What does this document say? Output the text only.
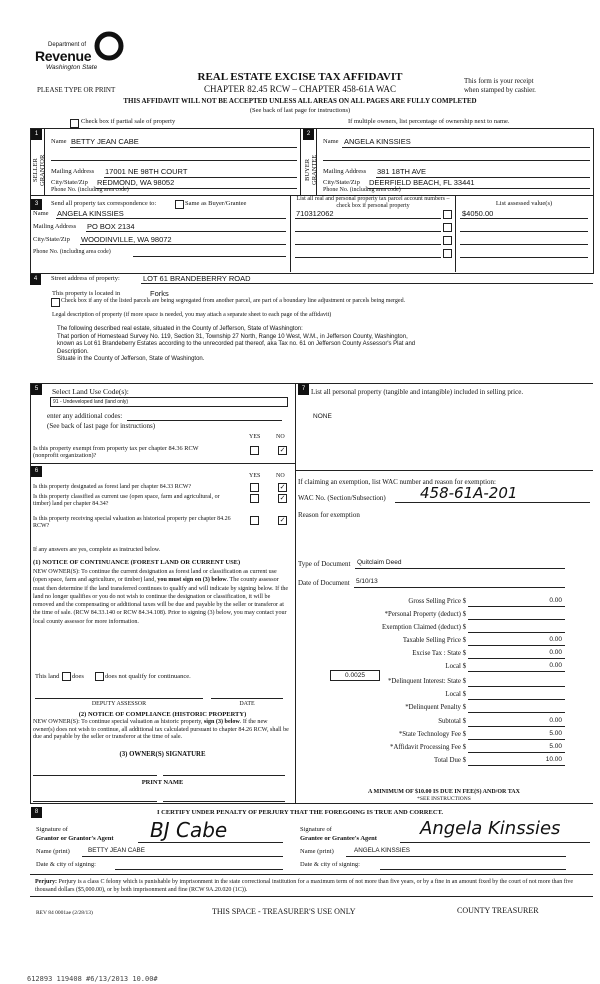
Department of
Revenue
Washington State
REAL ESTATE EXCISE TAX AFFIDAVIT
CHAPTER 82.45 RCW – CHAPTER 458-61A WAC
PLEASE TYPE OR PRINT
This form is your receipt
when stamped by cashier.
THIS AFFIDAVIT WILL NOT BE ACCEPTED UNLESS ALL AREAS ON ALL PAGES ARE FULLY COMPLETED
(See back of last page for instructions)
Check box if partial sale of property	If multiple owners, list percentage of ownership next to name.
1	2
SELLER GRANTOR	BUYER GRANTEE
Name BETTY JEAN CABE
Mailing Address 17001 NE 98TH COURT
City/State/Zip REDMOND, WA 98052
Phone No. (including area code)
Name ANGELA KINSSIES
Mailing Address 381 18TH AVE
City/State/Zip DEERFIELD BEACH, FL 33441
Phone No. (including area code)
3	Send all property tax correspondence to:	Same as Buyer/Grantee
List all real and personal property tax parcel account numbers – check box if personal property	List assessed value(s)
Name ANGELA KINSSIES
Mailing Address PO BOX 2134
City/State/Zip WOODINVILLE, WA 98072
Phone No. (including area code)
710312062	$4050.00
4	Street address of property:	LOT 61 BRANDEBERRY ROAD
This property is located in	Forks
Check box if any of the listed parcels are being segregated from another parcel, are part of a boundary line adjustment or parcels being merged.
Legal description of property (if more space is needed, you may attach a separate sheet to each page of the affidavit)
The following described real estate, situated in the County of Jefferson, State of Washington:
That portion of Homestead Survey No. 119, Section 31, Township 27 North, Range 10 West, W.M., in Jefferson County, Washington,
known as Lot 61 Brandeberry Estates according to the unrecorded pat thereof, aka Tax no. 61 on Jefferson County Assessor's Plat and
Description.
Situate in the County of Jefferson, State of Washington.
5	Select Land Use Code(s):
91 - Undeveloped land (land only)
enter any additional codes:
(See back of last page for instructions)
YES	NO
Is this property exempt from property tax per chapter 84.36 RCW (nonprofit organization)?
✓
7 List all personal property (tangible and intangible) included in selling price.
NONE
6
YES	NO
Is this property designated as forest land per chapter 84.33 RCW?	✓
Is this property classified as current use (open space, farm and agricultural, or timber) land per chapter 84.34?
✓
Is this property receiving special valuation as historical property per chapter 84.26 RCW?
✓
If any answers are yes, complete as instructed below.
(1) NOTICE OF CONTINUANCE (FOREST LAND OR CURRENT USE)
NEW OWNER(S): To continue the current designation as forest land or classification as current use (open space, farm and agriculture, or timber) land, you must sign on (3) below. The county assessor must then determine if the land transferred continues to qualify and will indicate by signing below. If the land no longer qualifies or you do not wish to continue the designation or classification, it will be removed and the compensating or additional taxes will be due and payable by the seller or transferor at the time of sale. (RCW 84.33.140 or RCW 84.34.108). Prior to signing (3) below, you may contact your local county assessor for more information.
This land does	does not qualify for continuance.
DEPUTY ASSESSOR	DATE
(2) NOTICE OF COMPLIANCE (HISTORIC PROPERTY)
NEW OWNER(S): To continue special valuation as historic property, sign (3) below. If the new owner(s) does not wish to continue, all additional tax calculated pursuant to chapter 84.26 RCW, shall be due and payable by the seller or transferor at the time of sale.
(3) OWNER(S) SIGNATURE
PRINT NAME
If claiming an exemption, list WAC number and reason for exemption:
WAC No. (Section/Subsection) 458-61A-201
Reason for exemption
Type of Document Quitclaim Deed
Date of Document 5/10/13
0.0025
Gross Selling Price $	0.00
*Personal Property (deduct) $
Exemption Claimed (deduct) $
Taxable Selling Price $	0.00
Excise Tax : State $	0.00
Local $	0.00
*Delinquent Interest: State $
Local $
*Delinquent Penalty $
Subtotal $	0.00
*State Technology Fee $	5.00
*Affidavit Processing Fee $	5.00
Total Due $	10.00
A MINIMUM OF $10.00 IS DUE IN FEE(S) AND/OR TAX
*SEE INSTRUCTIONS
8	I CERTIFY UNDER PENALTY OF PERJURY THAT THE FOREGOING IS TRUE AND CORRECT.
Signature of
Grantor or Grantor's Agent BJ Cabe
Name (print)	BETTY JEAN CABE
Date & city of signing:
Signature of
Grantee or Grantee's Agent Angela Kinssies
Name (print)	ANGELA KINSSIES
Date & city of signing:
Perjury: Perjury is a class C felony which is punishable by imprisonment in the state correctional institution for a maximum term of not more than five years, or by a fine in an amount fixed by the court of not more than five thousand dollars ($5,000.00), or by both imprisonment and fine (RCW 9A.20.020 (1C)).
REV 84 0001ae (2/28/13)	THIS SPACE - TREASURER'S USE ONLY	COUNTY TREASURER
612893 119408 #6/13/2013 10.00#
